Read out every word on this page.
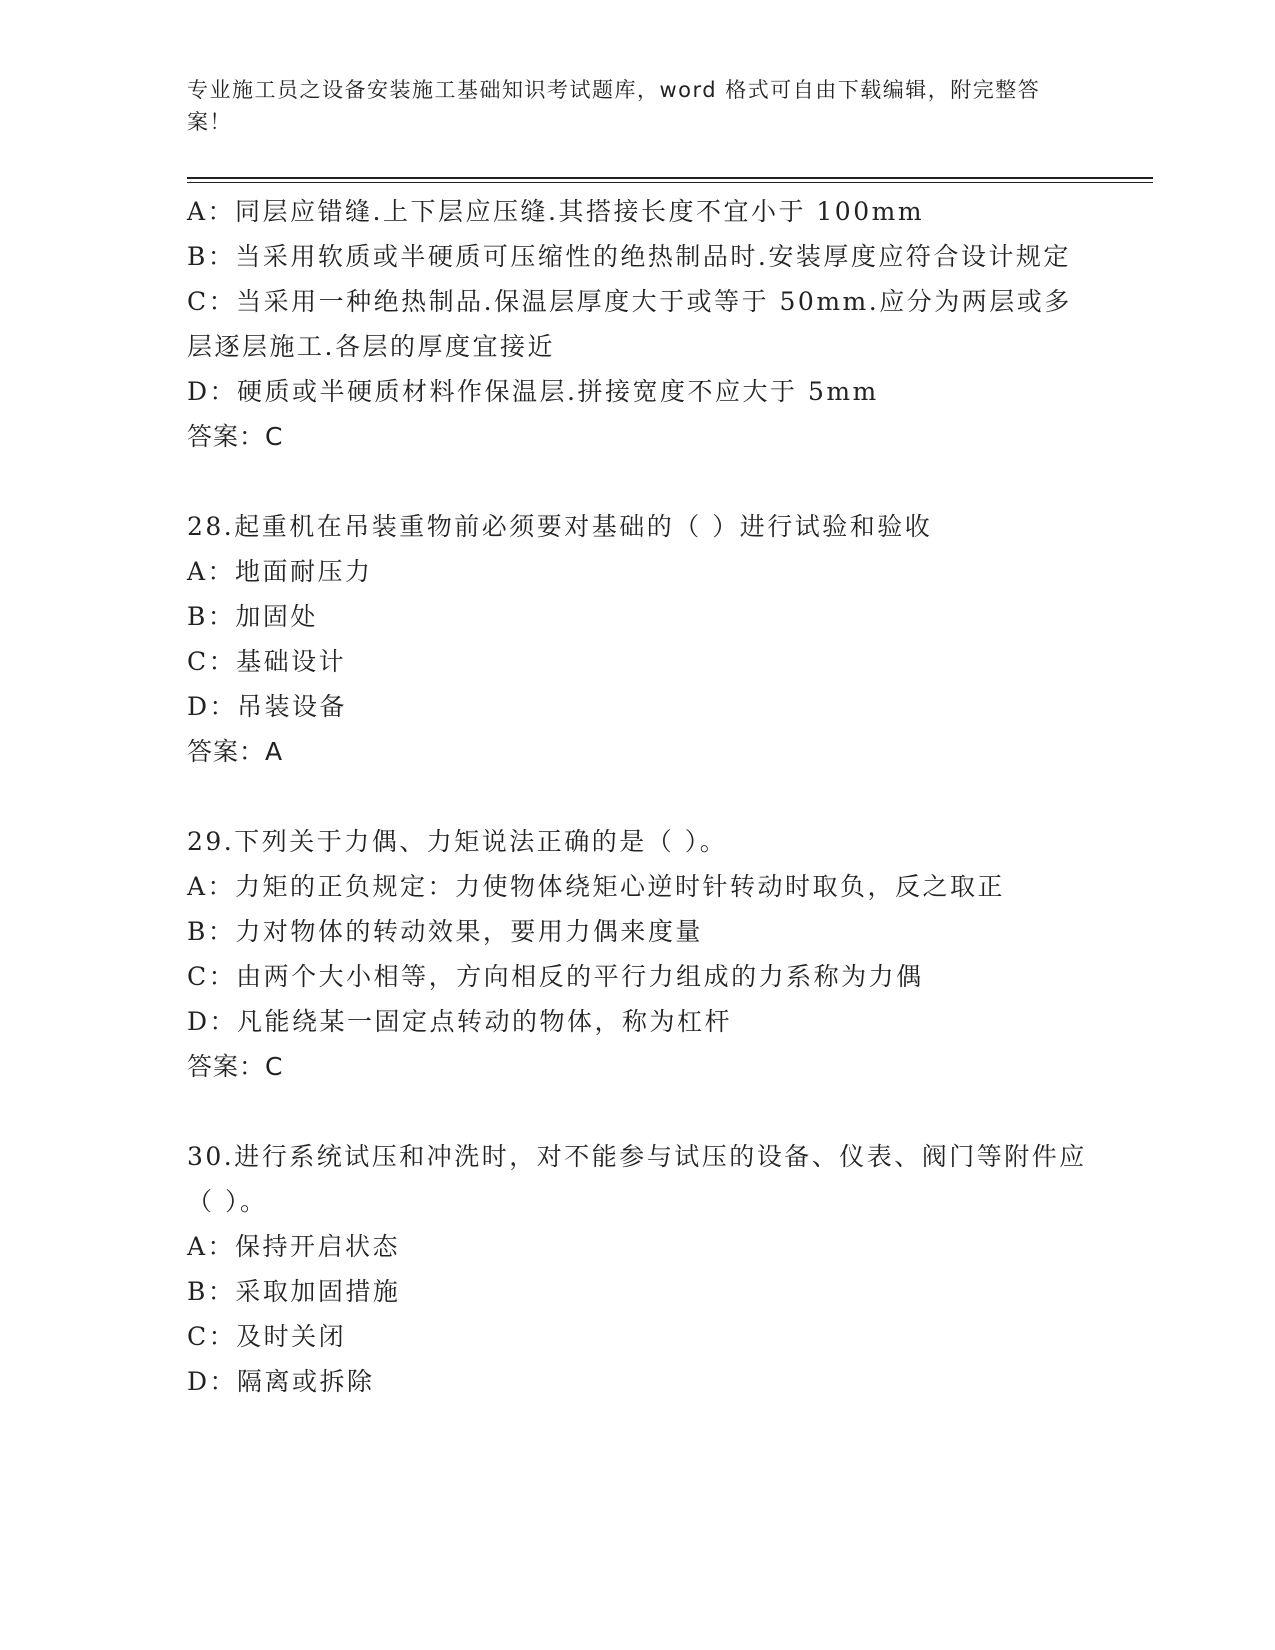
专业施工员之设备安装施工基础知识考试题库，word 格式可自由下载编辑，附完整答案！

A：同层应错缝.上下层应压缝.其搭接长度不宜小于 100mm

B：当采用软质或半硬质可压缩性的绝热制品时.安装厚度应符合设计规定

C：当采用一种绝热制品.保温层厚度大于或等于 50mm.应分为两层或多层逐层施工.各层的厚度宜接近

D：硬质或半硬质材料作保温层.拼接宽度不应大于 5mm

答案：C

28.起重机在吊装重物前必须要对基础的（ ）进行试验和验收

A：地面耐压力

B：加固处

C：基础设计

D：吊装设备

答案：A

29.下列关于力偶、力矩说法正确的是（ ）。

A：力矩的正负规定：力使物体绕矩心逆时针转动时取负，反之取正

B：力对物体的转动效果，要用力偶来度量

C：由两个大小相等，方向相反的平行力组成的力系称为力偶

D：凡能绕某一固定点转动的物体，称为杠杆

答案：C

30.进行系统试压和冲洗时，对不能参与试压的设备、仪表、阀门等附件应（ ）。

A：保持开启状态

B：采取加固措施

C：及时关闭

D：隔离或拆除
